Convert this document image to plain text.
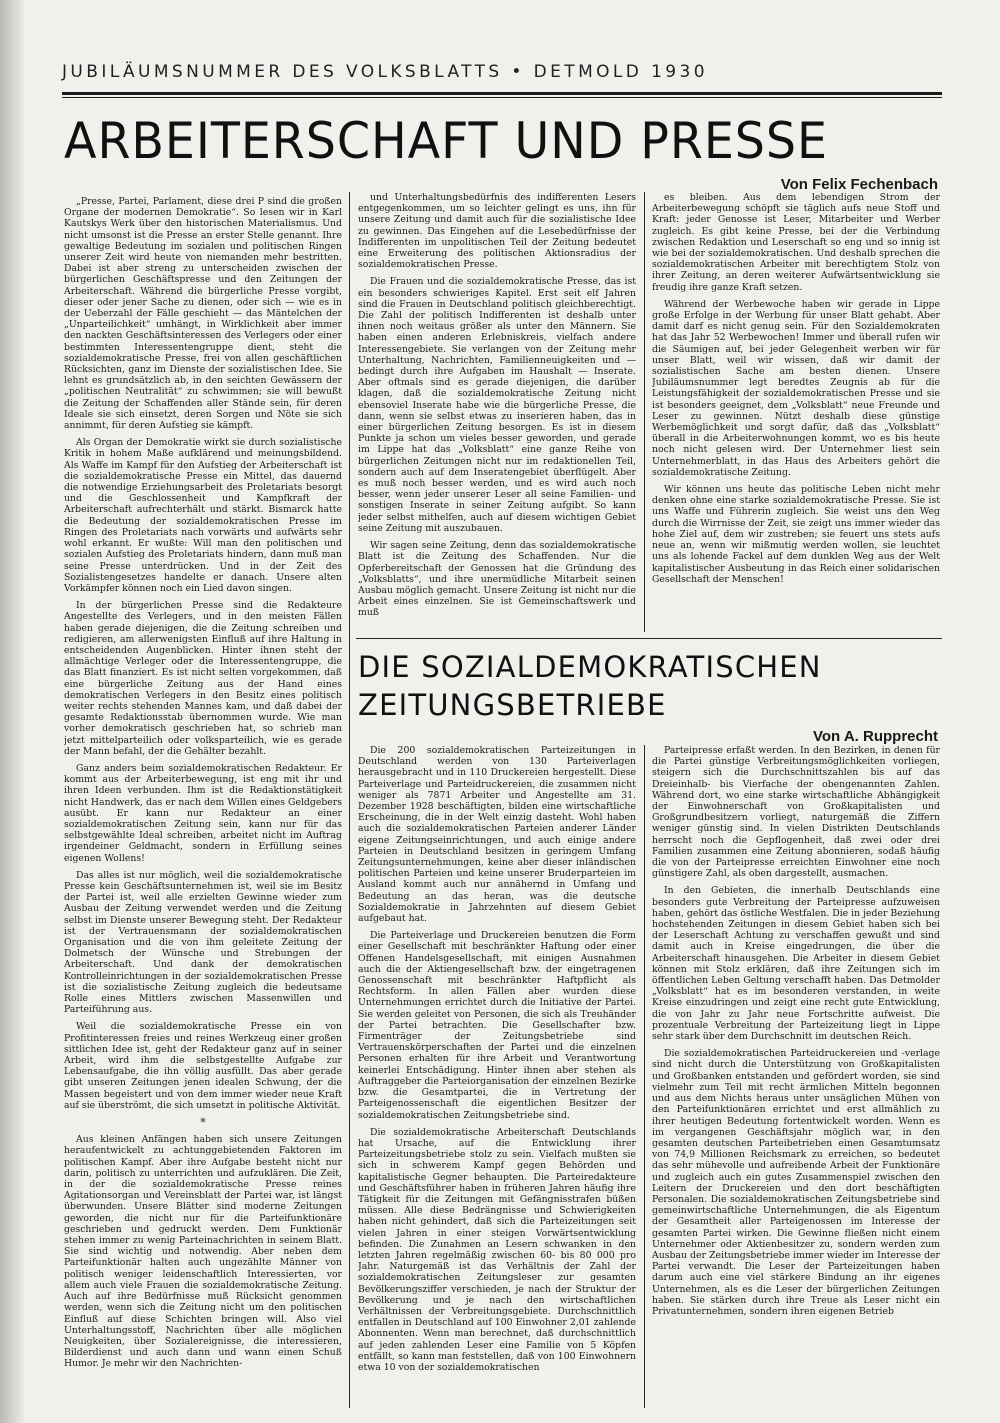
JUBILÄUMSNUMMER DES VOLKSBLATTS • DETMOLD 1930
ARBEITERSCHAFT UND PRESSE
Von Felix Fechenbach

„Presse, Partei, Parlament, diese drei P sind die großen Organe der modernen Demokratie“. So lesen wir in Karl Kautskys Werk über den historischen Materialismus. Und nicht umsonst ist die Presse an erster Stelle genannt. Ihre gewaltige Bedeutung im sozialen und politischen Ringen unserer Zeit wird heute von niemanden mehr bestritten. Dabei ist aber streng zu unterscheiden zwischen der bürgerlichen Geschäftspresse und den Zeitungen der Arbeiterschaft. Während die bürgerliche Presse vorgibt, dieser oder jener Sache zu dienen, oder sich — wie es in der Ueberzahl der Fälle geschieht — das Mäntelchen der „Unparteilichkeit“ umhängt, in Wirklichkeit aber immer den nackten Geschäftsinteressen des Verlegers oder einer bestimmten Interessentengruppe dient, steht die sozialdemokratische Presse, frei von allen geschäftlichen Rücksichten, ganz im Dienste der sozialistischen Idee. Sie lehnt es grundsätzlich ab, in den seichten Gewässern der „politischen Neutralität“ zu schwimmen; sie will bewußt die Zeitung der Schaffenden aller Stände sein, für deren Ideale sie sich einsetzt, deren Sorgen und Nöte sie sich annimmt, für deren Aufstieg sie kämpft.

Als Organ der Demokratie wirkt sie durch sozialistische Kritik in hohem Maße aufklärend und meinungsbildend. Als Waffe im Kampf für den Aufstieg der Arbeiterschaft ist die sozialdemokratische Presse ein Mittel, das dauernd die notwendige Erziehungsarbeit des Proletariats besorgt und die Geschlossenheit und Kampfkraft der Arbeiterschaft aufrechterhält und stärkt. Bismarck hatte die Bedeutung der sozialdemokratischen Presse im Ringen des Proletariats nach vorwärts und aufwärts sehr wohl erkannt. Er wußte: Will man den politischen und sozialen Aufstieg des Proletariats hindern, dann muß man seine Presse unterdrücken. Und in der Zeit des Sozialistengesetzes handelte er danach. Unsere alten Vorkämpfer können noch ein Lied davon singen.

In der bürgerlichen Presse sind die Redakteure Angestellte des Verlegers, und in den meisten Fällen haben gerade diejenigen, die die Zeitung schreiben und redigieren, am allerwenigsten Einfluß auf ihre Haltung in entscheidenden Augenblicken. Hinter ihnen steht der allmächtige Verleger oder die Interessentengruppe, die das Blatt finanziert. Es ist nicht selten vorgekommen, daß eine bürgerliche Zeitung aus der Hand eines demokratischen Verlegers in den Besitz eines politisch weiter rechts stehenden Mannes kam, und daß dabei der gesamte Redaktionsstab übernommen wurde. Wie man vorher demokratisch geschrieben hat, so schrieb man jetzt mittelparteilich oder volksparteilich, wie es gerade der Mann befahl, der die Gehälter bezahlt.

Ganz anders beim sozialdemokratischen Redakteur. Er kommt aus der Arbeiterbewegung, ist eng mit ihr und ihren Ideen verbunden. Ihm ist die Redaktionstätigkeit nicht Handwerk, das er nach dem Willen eines Geldgebers ausübt. Er kann nur Redakteur an einer sozialdemokratischen Zeitung sein, kann nur für das selbstgewählte Ideal schreiben, arbeitet nicht im Auftrag irgendeiner Geldmacht, sondern in Erfüllung seines eigenen Wollens!

Das alles ist nur möglich, weil die sozialdemokratische Presse kein Geschäftsunternehmen ist, weil sie im Besitz der Partei ist, weil alle erzielten Gewinne wieder zum Ausbau der Zeitung verwendet werden und die Zeitung selbst im Dienste unserer Bewegung steht. Der Redakteur ist der Vertrauensmann der sozialdemokratischen Organisation und die von ihm geleitete Zeitung der Dolmetsch der Wünsche und Strebungen der Arbeiterschaft. Und dank der demokratischen Kontrolleinrichtungen in der sozialdemokratischen Presse ist die sozialistische Zeitung zugleich die bedeutsame Rolle eines Mittlers zwischen Massenwillen und Parteiführung aus.

Weil die sozialdemokratische Presse ein von Profitinteressen freies und reines Werkzeug einer großen sittlichen Idee ist, geht der Redakteur ganz auf in seiner Arbeit, wird ihm die selbstgestellte Aufgabe zur Lebensaufgabe, die ihn völlig ausfüllt. Das aber gerade gibt unseren Zeitungen jenen idealen Schwung, der die Massen begeistert und von dem immer wieder neue Kraft auf sie überströmt, die sich umsetzt in politische Aktivität.

*

Aus kleinen Anfängen haben sich unsere Zeitungen heraufentwickelt zu achtunggebietenden Faktoren im politischen Kampf. Aber ihre Aufgabe besteht nicht nur darin, politisch zu unterrichten und aufzuklären. Die Zeit, in der die sozialdemokratische Presse reines Agitationsorgan und Vereinsblatt der Partei war, ist längst überwunden. Unsere Blätter sind moderne Zeitungen geworden, die nicht nur für die Parteifunktionäre geschrieben und gedruckt werden. Dem Funktionär stehen immer zu wenig Parteinachrichten in seinem Blatt. Sie sind wichtig und notwendig. Aber neben dem Parteifunktionär halten auch ungezählte Männer von politisch weniger leidenschaftlich Interessierten, vor allem auch viele Frauen die sozialdemokratische Zeitung. Auch auf ihre Bedürfnisse muß Rücksicht genommen werden, wenn sich die Zeitung nicht um den politischen Einfluß auf diese Schichten bringen will. Also viel Unterhaltungsstoff, Nachrichten über alle möglichen Neuigkeiten, über Sozialereignisse, die interessieren, Bilderdienst und auch dann und wann einen Schuß Humor. Je mehr wir den Nachrichten-

und Unterhaltungsbedürfnis des indifferenten Lesers entgegenkommen, um so leichter gelingt es uns, ihn für unsere Zeitung und damit auch für die sozialistische Idee zu gewinnen. Das Eingehen auf die Lesebedürfnisse der Indifferenten im unpolitischen Teil der Zeitung bedeutet eine Erweiterung des politischen Aktionsradius der sozialdemokratischen Presse.

Die Frauen und die sozialdemokratische Presse, das ist ein besonders schwieriges Kapitel. Erst seit elf Jahren sind die Frauen in Deutschland politisch gleichberechtigt. Die Zahl der politisch Indifferenten ist deshalb unter ihnen noch weitaus größer als unter den Männern. Sie haben einen anderen Erlebniskreis, vielfach andere Interessengebiete. Sie verlangen von der Zeitung mehr Unterhaltung, Nachrichten, Familienneuigkeiten und — bedingt durch ihre Aufgaben im Haushalt — Inserate. Aber oftmals sind es gerade diejenigen, die darüber klagen, daß die sozialdemokratische Zeitung nicht ebensoviel Inserate habe wie die bürgerliche Presse, die dann, wenn sie selbst etwas zu inserieren haben, das in einer bürgerlichen Zeitung besorgen. Es ist in diesem Punkte ja schon um vieles besser geworden, und gerade im Lippe hat das „Volksblatt“ eine ganze Reihe von bürgerlichen Zeitungen nicht nur im redaktionellen Teil, sondern auch auf dem Inseratengebiet überflügelt. Aber es muß noch besser werden, und es wird auch noch besser, wenn jeder unserer Leser all seine Familien- und sonstigen Inserate in seiner Zeitung aufgibt. So kann jeder selbst mithelfen, auch auf diesem wichtigen Gebiet seine Zeitung mit auszubauen.

Wir sagen seine Zeitung, denn das sozialdemokratische Blatt ist die Zeitung des Schaffenden. Nur die Opferbereitschaft der Genossen hat die Gründung des „Volksblatts“, und ihre unermüdliche Mitarbeit seinen Ausbau möglich gemacht. Unsere Zeitung ist nicht nur die Arbeit eines einzelnen. Sie ist Gemeinschaftswerk und muß

es bleiben. Aus dem lebendigen Strom der Arbeiterbewegung schöpft sie täglich aufs neue Stoff und Kraft: jeder Genosse ist Leser, Mitarbeiter und Werber zugleich. Es gibt keine Presse, bei der die Verbindung zwischen Redaktion und Leserschaft so eng und so innig ist wie bei der sozialdemokratischen. Und deshalb sprechen die sozialdemokratischen Arbeiter mit berechtigtem Stolz von ihrer Zeitung, an deren weiterer Aufwärtsentwicklung sie freudig ihre ganze Kraft setzen.

Während der Werbewoche haben wir gerade in Lippe große Erfolge in der Werbung für unser Blatt gehabt. Aber damit darf es nicht genug sein. Für den Sozialdemokraten hat das Jahr 52 Werbewochen! Immer und überall rufen wir die Säumigen auf, bei jeder Gelegenheit werben wir für unser Blatt, weil wir wissen, daß wir damit der sozialistischen Sache am besten dienen. Unsere Jubiläumsnummer legt beredtes Zeugnis ab für die Leistungsfähigkeit der sozialdemokratischen Presse und sie ist besonders geeignet, dem „Volksblatt“ neue Freunde und Leser zu gewinnen. Nützt deshalb diese günstige Werbemöglichkeit und sorgt dafür, daß das „Volksblatt“ überall in die Arbeiterwohnungen kommt, wo es bis heute noch nicht gelesen wird. Der Unternehmer liest sein Unternehmerblatt, in das Haus des Arbeiters gehört die sozialdemokratische Zeitung.

Wir können uns heute das politische Leben nicht mehr denken ohne eine starke sozialdemokratische Presse. Sie ist uns Waffe und Führerin zugleich. Sie weist uns den Weg durch die Wirrnisse der Zeit, sie zeigt uns immer wieder das hohe Ziel auf, dem wir zustreben; sie feuert uns stets aufs neue an, wenn wir mißmutig werden wollen, sie leuchtet uns als lohende Fackel auf dem dunklen Weg aus der Welt kapitalistischer Ausbeutung in das Reich einer solidarischen Gesellschaft der Menschen!

DIE SOZIALDEMOKRATISCHEN
ZEITUNGSBETRIEBE
Von A. Rupprecht

Die 200 sozialdemokratischen Parteizeitungen in Deutschland werden von 130 Parteiverlagen herausgebracht und in 110 Druckereien hergestellt. Diese Parteiverlage und Parteidruckereien, die zusammen nicht weniger als 7871 Arbeiter und Angestellte am 31. Dezember 1928 beschäftigten, bilden eine wirtschaftliche Erscheinung, die in der Welt einzig dasteht. Wohl haben auch die sozialdemokratischen Parteien anderer Länder eigene Zeitungseinrichtungen, und auch einige andere Parteien in Deutschland besitzen in geringem Umfang Zeitungsunternehmungen, keine aber dieser inländischen politischen Parteien und keine unserer Bruderparteien im Ausland kommt auch nur annähernd in Umfang und Bedeutung an das heran, was die deutsche Sozialdemokratie in Jahrzehnten auf diesem Gebiet aufgebaut hat.

Die Parteiverlage und Druckereien benutzen die Form einer Gesellschaft mit beschränkter Haftung oder einer Offenen Handelsgesellschaft, mit einigen Ausnahmen auch die der Aktiengesellschaft bzw. der eingetragenen Genossenschaft mit beschränkter Haftpflicht als Rechtsform. In allen Fällen aber wurden diese Unternehmungen errichtet durch die Initiative der Partei. Sie werden geleitet von Personen, die sich als Treuhänder der Partei betrachten. Die Gesellschafter bzw. Firmenträger der Zeitungsbetriebe sind Vertrauenskörperschaften der Partei und die einzelnen Personen erhalten für ihre Arbeit und Verantwortung keinerlei Entschädigung. Hinter ihnen aber stehen als Auftraggeber die Parteiorganisation der einzelnen Bezirke bzw. die Gesamtpartei, die in Vertretung der Parteigenossenschaft die eigentlichen Besitzer der sozialdemokratischen Zeitungsbetriebe sind.

Die sozialdemokratische Arbeiterschaft Deutschlands hat Ursache, auf die Entwicklung ihrer Parteizeitungsbetriebe stolz zu sein. Vielfach mußten sie sich in schwerem Kampf gegen Behörden und kapitalistische Gegner behaupten. Die Parteiredakteure und Geschäftsführer haben in früheren Jahren häufig ihre Tätigkeit für die Zeitungen mit Gefängnisstrafen büßen müssen. Alle diese Bedrängnisse und Schwierigkeiten haben nicht gehindert, daß sich die Parteizeitungen seit vielen Jahren in einer steigen Vorwärtsentwicklung befinden. Die Zunahmen an Lesern schwanken in den letzten Jahren regelmäßig zwischen 60- bis 80 000 pro Jahr. Naturgemäß ist das Verhältnis der Zahl der sozialdemokratischen Zeitungsleser zur gesamten Bevölkerungsziffer verschieden, je nach der Struktur der Bevölkerung und je nach den wirtschaftlichen Verhältnissen der Verbreitungsgebiete. Durchschnittlich entfallen in Deutschland auf 100 Einwohner 2,01 zahlende Abonnenten. Wenn man berechnet, daß durchschnittlich auf jeden zahlenden Leser eine Familie von 5 Köpfen entfällt, so kann man feststellen, daß von 100 Einwohnern etwa 10 von der sozialdemokratischen

Parteipresse erfaßt werden. In den Bezirken, in denen für die Partei günstige Verbreitungsmöglichkeiten vorliegen, steigern sich die Durchschnittszahlen bis auf das Dreieinhalb- bis Vierfache der obengenannten Zahlen. Während dort, wo eine starke wirtschaftliche Abhängigkeit der Einwohnerschaft von Großkapitalisten und Großgrundbesitzern vorliegt, naturgemäß die Ziffern weniger günstig sind. In vielen Distrikten Deutschlands herrscht noch die Gepflogenheit, daß zwei oder drei Familien zusammen eine Zeitung abonnieren, sodaß häufig die von der Parteipresse erreichten Einwohner eine noch günstigere Zahl, als oben dargestellt, ausmachen.

In den Gebieten, die innerhalb Deutschlands eine besonders gute Verbreitung der Parteipresse aufzuweisen haben, gehört das östliche Westfalen. Die in jeder Beziehung hochstehenden Zeitungen in diesem Gebiet haben sich bei der Leserschaft Achtung zu verschaffen gewußt und sind damit auch in Kreise eingedrungen, die über die Arbeiterschaft hinausgehen. Die Arbeiter in diesem Gebiet können mit Stolz erklären, daß ihre Zeitungen sich im öffentlichen Leben Geltung verschafft haben. Das Detmolder „Volksblatt“ hat es im besonderen verstanden, in weite Kreise einzudringen und zeigt eine recht gute Entwicklung, die von Jahr zu Jahr neue Fortschritte aufweist. Die prozentuale Verbreitung der Parteizeitung liegt in Lippe sehr stark über dem Durchschnitt im deutschen Reich.

Die sozialdemokratischen Parteidruckereien und -verlage sind nicht durch die Unterstützung von Großkapitalisten und Großbanken entstanden und gefördert worden, sie sind vielmehr zum Teil mit recht ärmlichen Mitteln begonnen und aus dem Nichts heraus unter unsäglichen Mühen von den Parteifunktionären errichtet und erst allmählich zu ihrer heutigen Bedeutung fortentwickelt worden. Wenn es im vergangenen Geschäftsjahr möglich war, in den gesamten deutschen Parteibetrieben einen Gesamtumsatz von 74,9 Millionen Reichsmark zu erreichen, so bedeutet das sehr mühevolle und aufreibende Arbeit der Funktionäre und zugleich auch ein gutes Zusammenspiel zwischen den Leitern der Druckereien und den dort beschäftigten Personalen. Die sozialdemokratischen Zeitungsbetriebe sind gemeinwirtschaftliche Unternehmungen, die als Eigentum der Gesamtheit aller Parteigenossen im Interesse der gesamten Partei wirken. Die Gewinne fließen nicht einem Unternehmer oder Aktienbesitzer zu, sondern werden zum Ausbau der Zeitungsbetriebe immer wieder im Interesse der Partei verwandt. Die Leser der Parteizeitungen haben darum auch eine viel stärkere Bindung an ihr eigenes Unternehmen, als es die Leser der bürgerlichen Zeitungen haben. Sie stärken durch ihre Treue als Leser nicht ein Privatunternehmen, sondern ihren eigenen Betrieb
